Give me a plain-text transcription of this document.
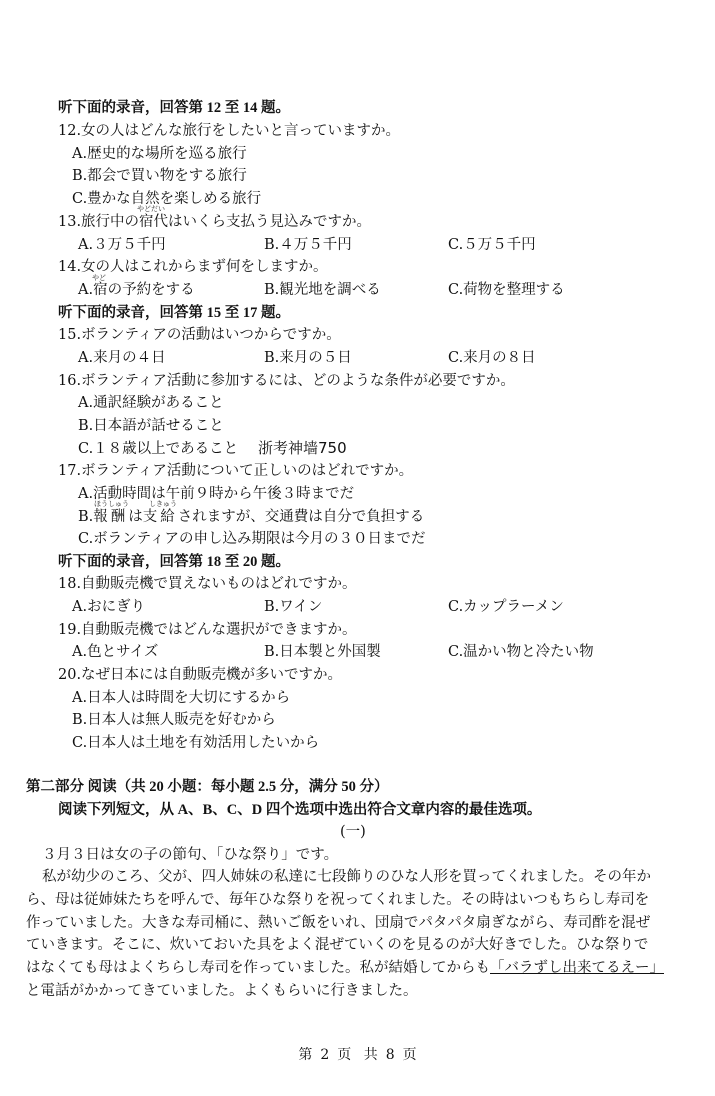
听下面的录音，回答第 12 至 14 题。
12.女の人はどんな旅行をしたいと言っていますか。
A.歴史的な場所を巡る旅行
B.都会で買い物をする旅行
C.豊かな自然を楽しめる旅行
やどだい
13.旅行中の宿代はいくら支払う見込みですか。
A.３万５千円	B.４万５千円	C.５万５千円
14.女の人はこれからまず何をしますか。
やど
A.宿の予約をする	B.観光地を調べる	C.荷物を整理する
听下面的录音，回答第 15 至 17 题。
15.ボランティアの活動はいつからですか。
A.来月の４日	B.来月の５日	C.来月の８日
16.ボランティア活動に参加するには、どのような条件が必要ですか。
A.通訳経験があること
B.日本語が話せること
C.１８歳以上であること 浙考神墙750
17.ボランティア活動について正しいのはどれですか。
A.活動時間は午前９時から午後３時までだ
ほうしゅう	しきゅう
B.報酬は支給されますが、交通費は自分で負担する
C.ボランティアの申し込み期限は今月の３０日までだ
听下面的录音，回答第 18 至 20 题。
18.自動販売機で買えないものはどれですか。
A.おにぎり	B.ワイン	C.カップラーメン
19.自動販売機ではどんな選択ができますか。
A.色とサイズ	B.日本製と外国製	C.温かい物と冷たい物
20.なぜ日本には自動販売機が多いですか。
A.日本人は時間を大切にするから
B.日本人は無人販売を好むから
C.日本人は土地を有効活用したいから
第二部分 阅读（共 20 小题：每小题 2.5 分，满分 50 分）
阅读下列短文，从 A、B、C、D 四个选项中选出符合文章内容的最佳选项。
(一)
３月３日は女の子の節句、「ひな祭り」です。
私が幼少のころ、父が、四人姉妹の私達に七段飾りのひな人形を買ってくれました。その年か
ら、母は従姉妹たちを呼んで、毎年ひな祭りを祝ってくれました。その時はいつもちらし寿司を
作っていました。大きな寿司桶に、熱いご飯をいれ、団扇でパタパタ扇ぎながら、寿司酢を混ぜ
ていきます。そこに、炊いておいた具をよく混ぜていくのを見るのが大好きでした。ひな祭りで
はなくても母はよくちらし寿司を作っていました。私が結婚してからも「バラずし出来てるえー」
と電話がかかってきていました。よくもらいに行きました。
第 2 页 共 8 页
